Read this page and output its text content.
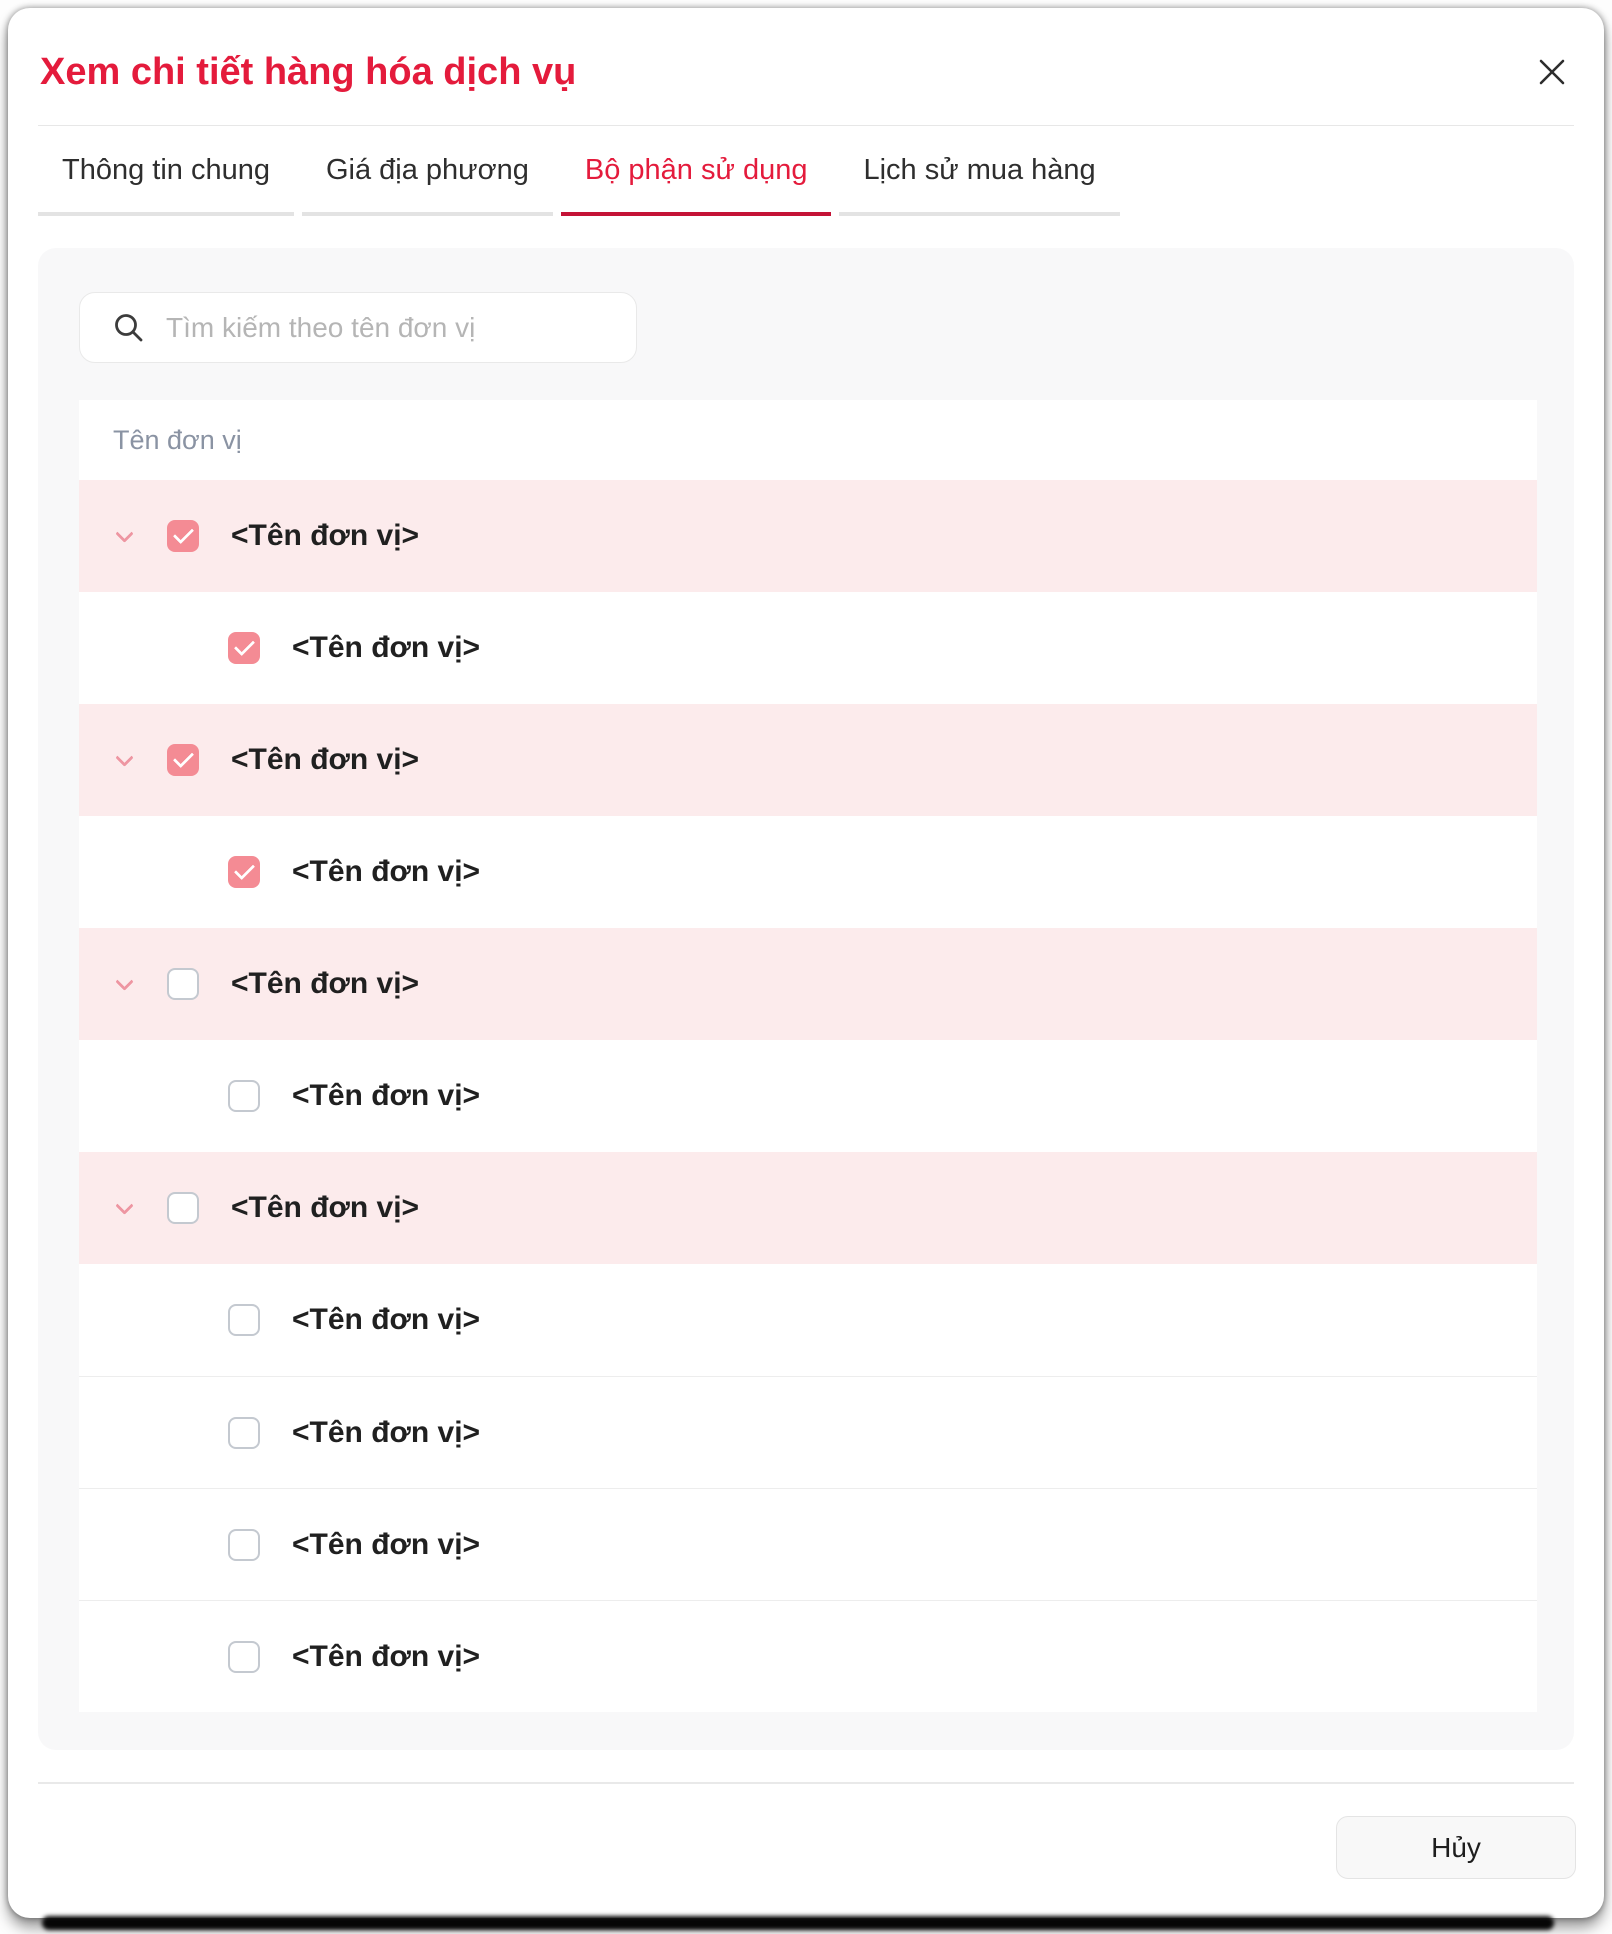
Xem chi tiết hàng hóa dịch vụ
Thông tin chung Giá địa phương Bộ phận sử dụng Lịch sử mua hàng
Tìm kiếm theo tên đơn vị
Tên đơn vị
<Tên đơn vị>
<Tên đơn vị>
<Tên đơn vị>
<Tên đơn vị>
<Tên đơn vị>
<Tên đơn vị>
<Tên đơn vị>
<Tên đơn vị>
<Tên đơn vị>
<Tên đơn vị>
<Tên đơn vị>
Hủy
